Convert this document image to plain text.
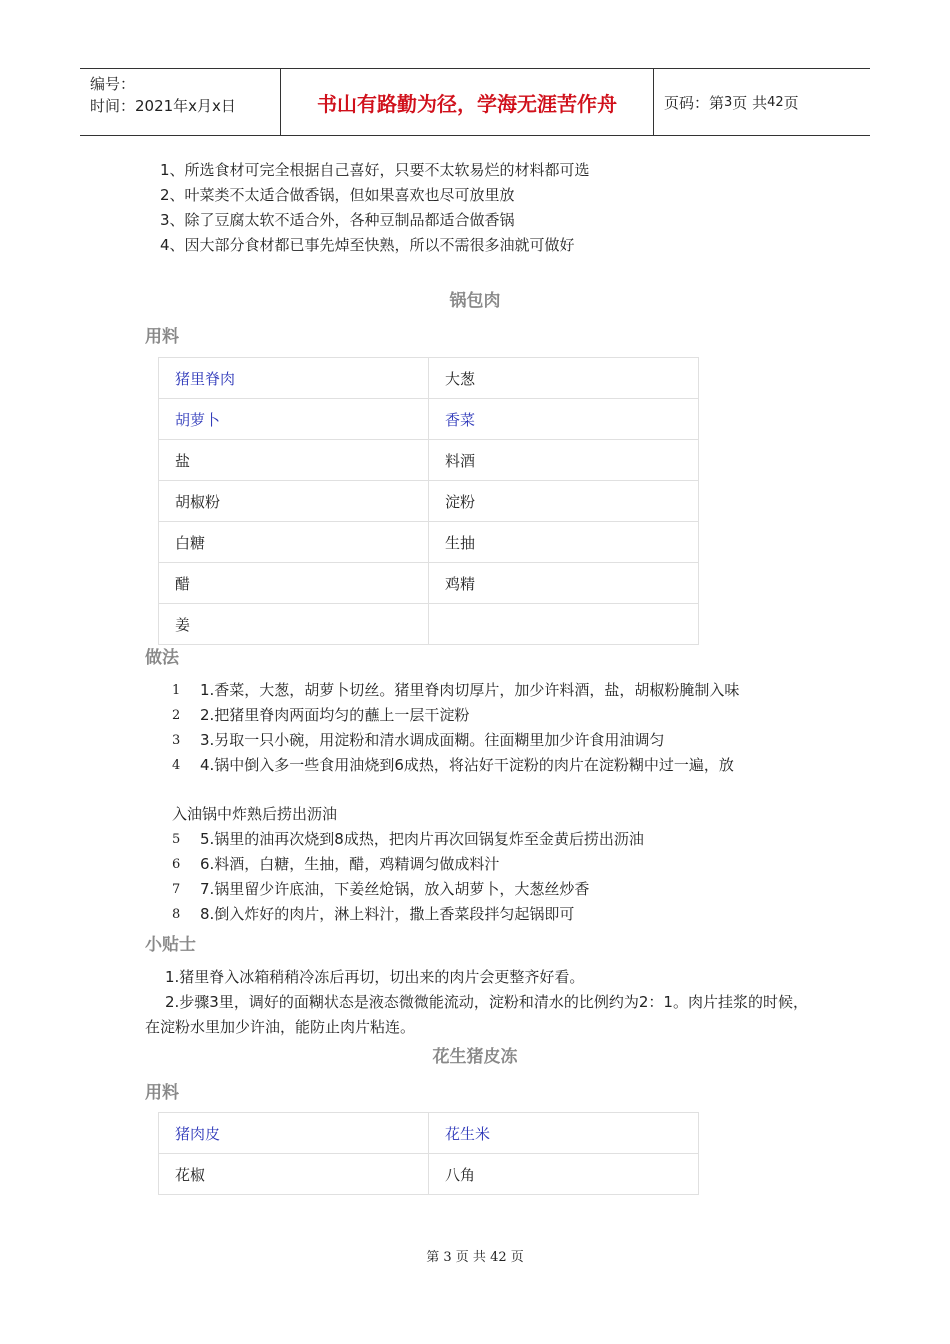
编号：
时间：2021年x月x日	书山有路勤为径，学海无涯苦作舟	页码：第 3 页 共 42 页
1、所选食材可完全根据自己喜好，只要不太软易烂的材料都可选
2、叶菜类不太适合做香锅，但如果喜欢也尽可放里放
3、除了豆腐太软不适合外，各种豆制品都适合做香锅
4、因大部分食材都已事先焯至快熟，所以不需很多油就可做好
锅包肉
用料
猪里脊肉	大葱
胡萝卜	香菜
盐	料酒
胡椒粉	淀粉
白糖	生抽
醋	鸡精
姜	
做法
1	1.香菜，大葱，胡萝卜切丝。猪里脊肉切厚片，加少许料酒，盐，胡椒粉腌制入味
2	2.把猪里脊肉两面均匀的蘸上一层干淀粉
3	3.另取一只小碗，用淀粉和清水调成面糊。往面糊里加少许食用油调匀
4	4.锅中倒入多一些食用油烧到6成热，将沾好干淀粉的肉片在淀粉糊中过一遍，放
入油锅中炸熟后捞出沥油
5	5.锅里的油再次烧到8成热，把肉片再次回锅复炸至金黄后捞出沥油
6	6.料酒，白糖，生抽，醋，鸡精调匀做成料汁
7	7.锅里留少许底油，下姜丝炝锅，放入胡萝卜，大葱丝炒香
8	8.倒入炸好的肉片，淋上料汁，撒上香菜段拌匀起锅即可
小贴士

1.猪里脊入冰箱稍稍冷冻后再切，切出来的肉片会更整齐好看。

2.步骤3里，调好的面糊状态是液态微微能流动，淀粉和清水的比例约为2：1。肉片挂浆的时候，在淀粉水里加少许油，能防止肉片粘连。

花生猪皮冻
用料
猪肉皮	花生米
花椒	八角
第 3 页 共 42 页
